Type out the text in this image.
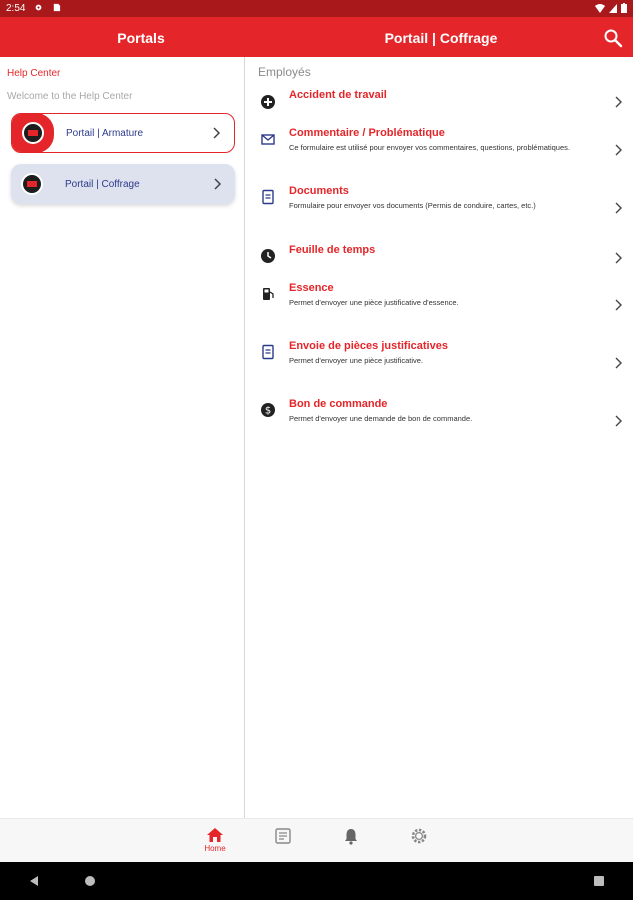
2:54
Portals	Portail | Coffrage
Help Center
Welcome to the Help Center
Portail | Armature
Portail | Coffrage
Employés
Accident de travail
Commentaire / Problématique
Ce formulaire est utilisé pour envoyer vos commentaires, questions, problématiques.
Documents
Formulaire pour envoyer vos documents (Permis de conduire, cartes, etc.)
Feuille de temps
Essence
Permet d'envoyer une pièce justificative d'essence.
Envoie de pièces justificatives
Permet d'envoyer une pièce justificative.
$
Bon de commande
Permet d'envoyer une demande de bon de commande.
Home
